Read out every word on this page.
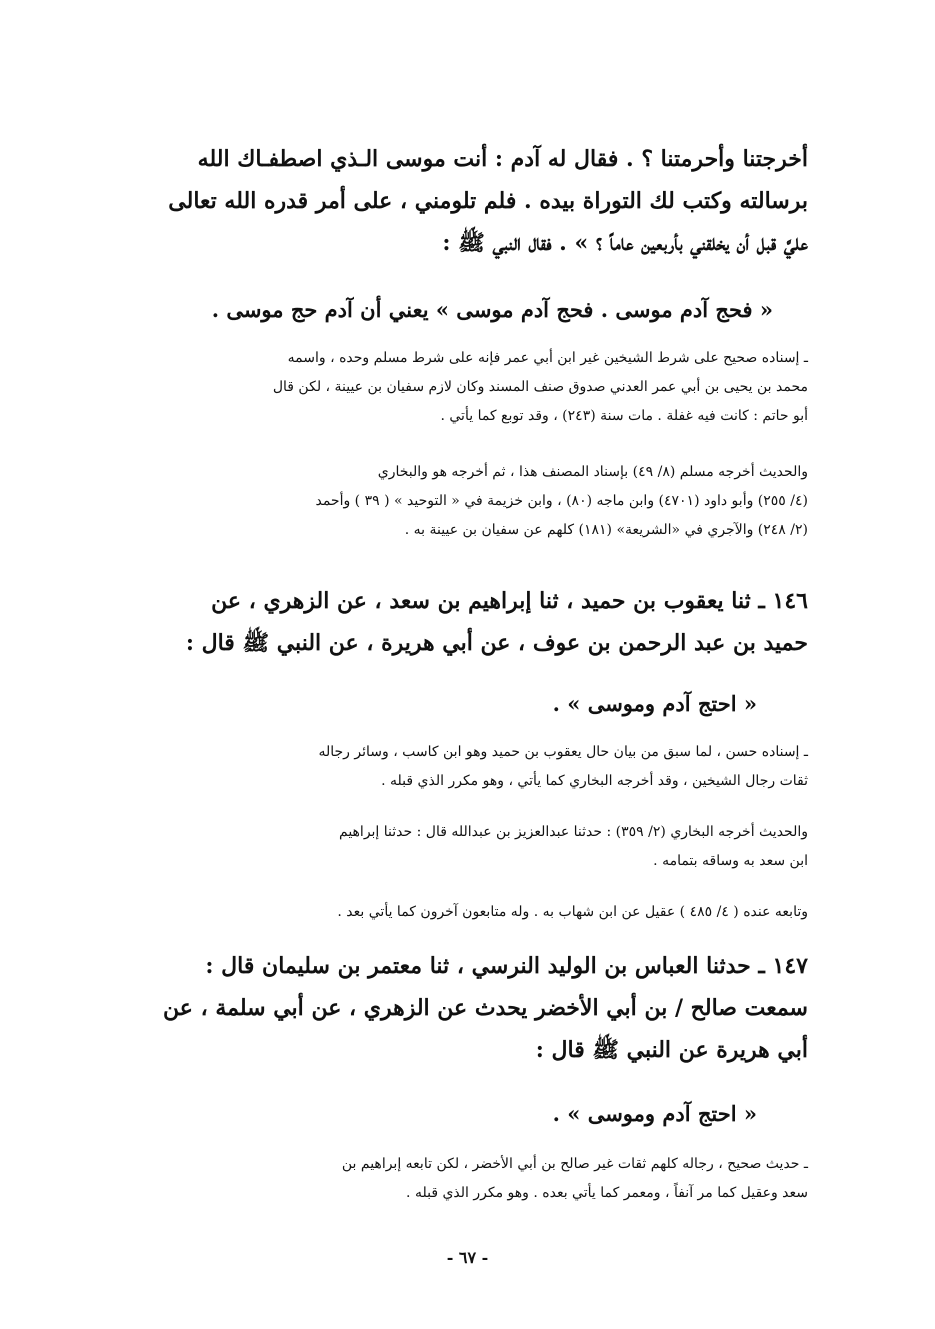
أخرجتنا وأحرمتنا ؟ . فقال له آدم : أنت موسى الـذي اصطفـاك الله
برسالته وكتب لك التوراة بيده . فلم تلومني ، على أمر قدره الله تعالى
عليَّ قبل أن يخلقني بأربعين عاماً ؟ » . فقال النبي ﷺ :
« فحج آدم موسى . فحج آدم موسى » يعني أن آدم حج موسى .
ـ إسناده صحيح على شرط الشيخين غير ابن أبي عمر فإنه على شرط مسلم وحده ، واسمه
محمد بن يحيى بن أبي عمر العدني صدوق صنف المسند وكان لازم سفيان بن عيينة ، لكن قال
أبو حاتم : كانت فيه غفلة . مات سنة (٢٤٣) ، وقد توبع كما يأتي .
والحديث أخرجه مسلم (٨/ ٤٩) بإسناد المصنف هذا ، ثم أخرجه هو والبخاري
(٤/ ٢٥٥) وأبو داود (٤٧٠١) وابن ماجه (٨٠) ، وابن خزيمة في « التوحيد » ( ٣٩ ) وأحمد
(٢/ ٢٤٨) والآجري في «الشريعة» (١٨١) كلهم عن سفيان بن عيينة به .
١٤٦ ـ ثنا يعقوب بن حميد ، ثنا إبراهيم بن سعد ، عن الزهري ، عن
حميد بن عبد الرحمن بن عوف ، عن أبي هريرة ، عن النبي ﷺ قال :
« احتج آدم وموسى » .
ـ إسناده حسن ، لما سبق من بيان حال يعقوب بن حميد وهو ابن كاسب ، وسائر رجاله
ثقات رجال الشيخين ، وقد أخرجه البخاري كما يأتي ، وهو مكرر الذي قبله .
والحديث أخرجه البخاري (٢/ ٣٥٩) : حدثنا عبدالعزيز بن عبدالله قال : حدثنا إبراهيم
ابن سعد به وساقه بتمامه .
وتابعه عنده ( ٤/ ٤٨٥ ) عقيل عن ابن شهاب به . وله متابعون آخرون كما يأتي بعد .
١٤٧ ـ حدثنا العباس بن الوليد النرسي ، ثنا معتمر بن سليمان قال :
سمعت صالح / بن أبي الأخضر يحدث عن الزهري ، عن أبي سلمة ، عن
أبي هريرة عن النبي ﷺ قال :
« احتج آدم وموسى » .
ـ حديث صحيح ، رجاله كلهم ثقات غير صالح بن أبي الأخضر ، لكن تابعه إبراهيم بن
سعد وعقيل كما مر آنفاً ، ومعمر كما يأتي بعده . وهو مكرر الذي قبله .
- ٦٧ -
